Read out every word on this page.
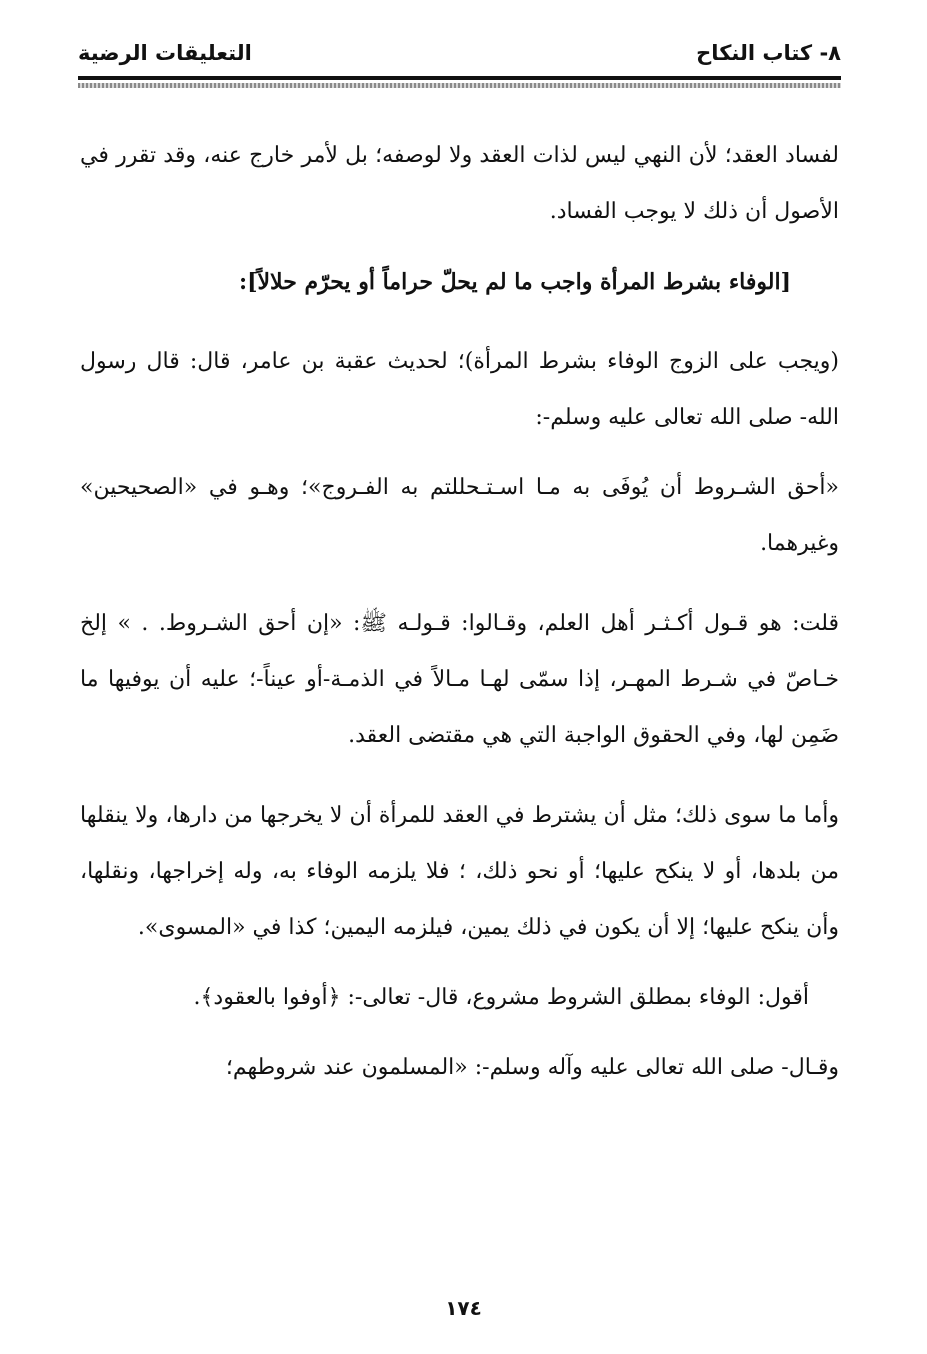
٨- كتاب النكاح
التعليقات الرضية

لفساد العقد؛ لأن النهي ليس لذات العقد ولا لوصفه؛ بل لأمر خارج عنه، وقد تقرر في الأصول أن ذلك لا يوجب الفساد.

[الوفاء بشرط المرأة واجب ما لم يحلّ حراماً أو يحرّم حلالاً]:

(ويجب على الزوج الوفاء بشرط المرأة)؛ لحديث عقبة بن عامر، قال: قال رسول الله- صلى الله تعالى عليه وسلم-:

«أحق الشـروط أن يُوفَى به مـا اسـتـحللتم به الفـروج»؛ وهـو في «الصحيحين» وغيرهما.

قلت: هو قـول أكـثـر أهل العلم، وقـالوا: قـولـه ﷺ: «إن أحق الشـروط. . » إلخ خـاصّ في شـرط المهـر، إذا سمّى لهـا مـالاً في الذمـة-أو عيناً-؛ عليه أن يوفيها ما ضَمِن لها، وفي الحقوق الواجبة التي هي مقتضى العقد.

وأما ما سوى ذلك؛ مثل أن يشترط في العقد للمرأة أن لا يخرجها من دارها، ولا ينقلها من بلدها، أو لا ينكح عليها؛ أو نحو ذلك، ؛ فلا يلزمه الوفاء به، وله إخراجها، ونقلها، وأن ينكح عليها؛ إلا أن يكون في ذلك يمين، فيلزمه اليمين؛ كذا في «المسوى».

أقول: الوفاء بمطلق الشروط مشروع، قال- تعالى-: ﴿أوفوا بالعقود﴾.

وقـال- صلى الله تعالى عليه وآله وسلم-: «المسلمون عند شروطهم؛

١٧٤
